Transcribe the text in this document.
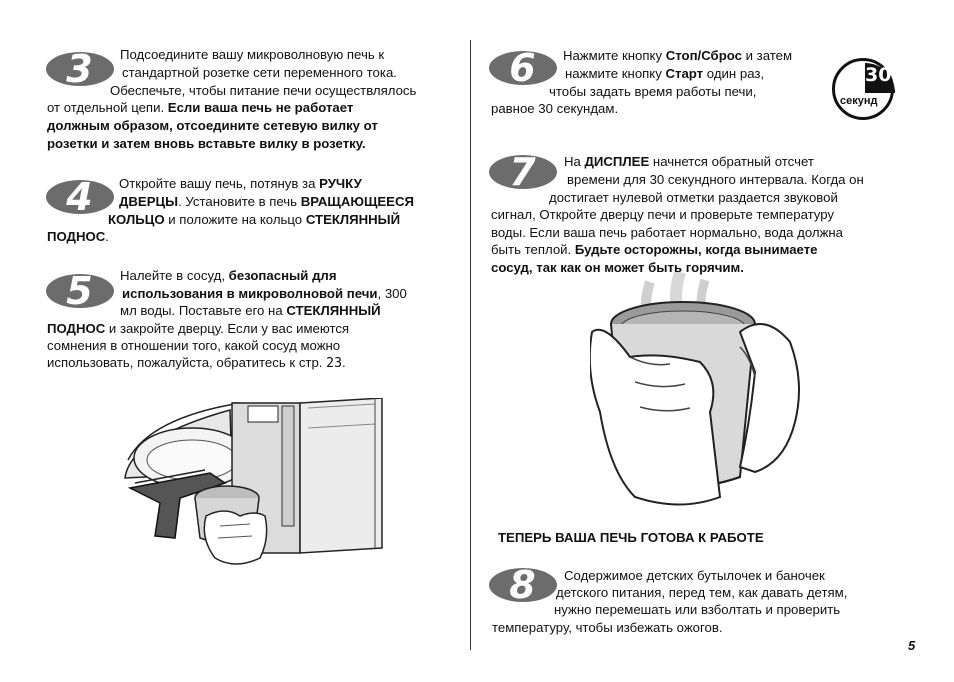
3	Подсоедините вашу микроволновую печь к
стандартной розетке сети переменного тока.
Обеспечьте, чтобы питание печи осуществлялось
от отдельной цепи. Если ваша печь не работает
должным образом, отсоедините сетевую вилку от
розетки и затем вновь вставьте вилку в розетку.
4	Откройте вашу печь, потянув за РУЧКУ
ДВЕРЦЫ. Установите в печь ВРАЩАЮЩЕЕСЯ
КОЛЬЦО и положите на кольцо СТЕКЛЯННЫЙ
ПОДНОС.
5	Налейте в сосуд, безопасный для
использования в микроволновой печи, 300
мл воды. Поставьте его на СТЕКЛЯННЫЙ
ПОДНОС и закройте дверцу. Если у вас имеются
сомнения в отношении того, какой сосуд можно
использовать, пожалуйста, обратитесь к стр. 23.
6	Нажмите кнопку Стоп/Сброс и затем
нажмите кнопку Старт один раз,
чтобы задать время работы печи,
равное 30 секундам.
30
секунд
7	На ДИСПЛЕЕ начнется обратный отсчет
времени для 30 секундного интервала. Когда он
достигает нулевой отметки раздается звуковой
сигнал, Откройте дверцу печи и проверьте температуру
воды. Если ваша печь работает нормально, вода должна
быть теплой. Будьте осторожны, когда вынимаете
сосуд, так как он может быть горячим.
ТЕПЕРЬ ВАША ПЕЧЬ ГОТОВА К РАБОТЕ
8	Содержимое детских бутылочек и баночек
детского питания, перед тем, как давать детям,
нужно перемешать или взболтать и проверить
температуру, чтобы избежать ожогов.
5
